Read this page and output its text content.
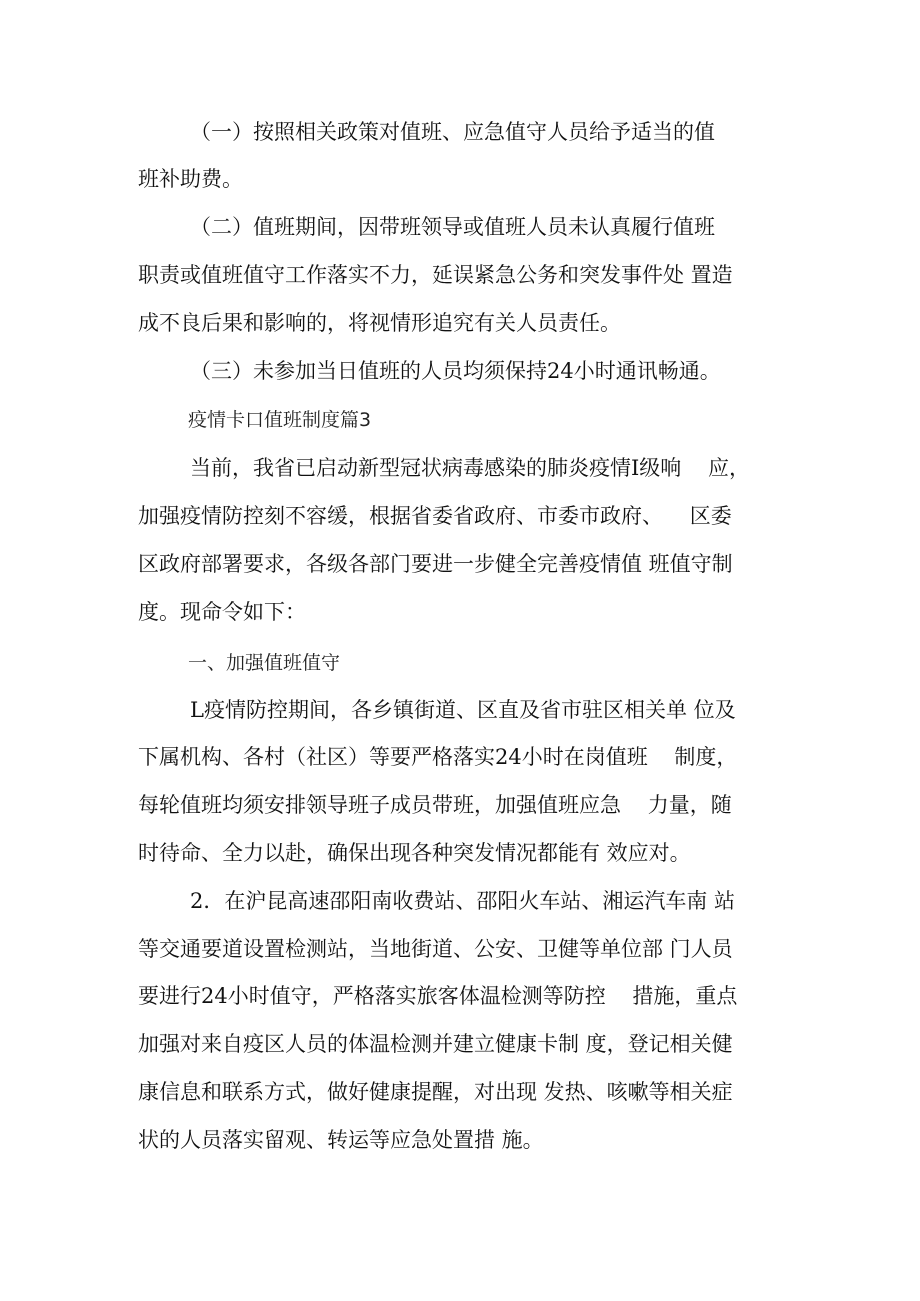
（一）按照相关政策对值班、应急值守人员给予适当的值
班补助费。
（二）值班期间，因带班领导或值班人员未认真履行值班
职责或值班值守工作落实不力，延误紧急公务和突发事件处 置造
成不良后果和影响的，将视情形追究有关人员责任。
（三）未参加当日值班的人员均须保持24小时通讯畅通。
疫情卡口值班制度篇3
当前，我省已启动新型冠状病毒感染的肺炎疫情I级响    应，
加强疫情防控刻不容缓，根据省委省政府、市委市政府、    区委
区政府部署要求，各级各部门要进一步健全完善疫情值 班值守制
度。现命令如下：
一、加强值班值守
L疫情防控期间，各乡镇街道、区直及省市驻区相关单 位及
下属机构、各村（社区）等要严格落实24小时在岗值班    制度，
每轮值班均须安排领导班子成员带班，加强值班应急    力量，随
时待命、全力以赴，确保出现各种突发情况都能有 效应对。
2．在沪昆高速邵阳南收费站、邵阳火车站、湘运汽车南 站
等交通要道设置检测站，当地街道、公安、卫健等单位部 门人员
要进行24小时值守，严格落实旅客体温检测等防控    措施，重点
加强对来自疫区人员的体温检测并建立健康卡制 度，登记相关健
康信息和联系方式，做好健康提醒，对出现 发热、咳嗽等相关症
状的人员落实留观、转运等应急处置措 施。
